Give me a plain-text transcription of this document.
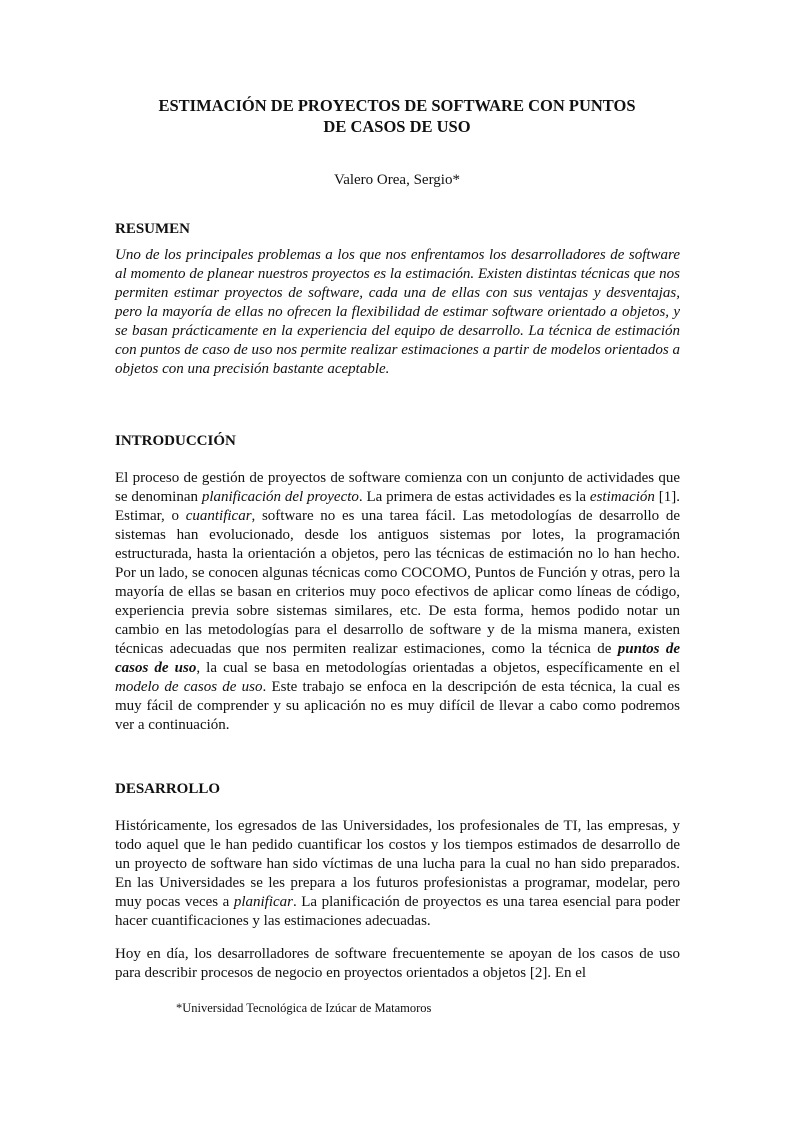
ESTIMACIÓN DE PROYECTOS DE SOFTWARE CON PUNTOS
DE CASOS DE USO
Valero Orea, Sergio*
RESUMEN

Uno de los principales problemas a los que nos enfrentamos los desarrolladores de software al momento de planear nuestros proyectos es la estimación. Existen distintas técnicas que nos permiten estimar proyectos de software, cada una de ellas con sus ventajas y desventajas, pero la mayoría de ellas no ofrecen la flexibilidad de estimar software orientado a objetos, y se basan prácticamente en la experiencia del equipo de desarrollo. La técnica de estimación con puntos de caso de uso nos permite realizar estimaciones a partir de modelos orientados a objetos con una precisión bastante aceptable.

INTRODUCCIÓN

El proceso de gestión de proyectos de software comienza con un conjunto de actividades que se denominan planificación del proyecto. La primera de estas actividades es la estimación [1]. Estimar, o cuantificar, software no es una tarea fácil. Las metodologías de desarrollo de sistemas han evolucionado, desde los antiguos sistemas por lotes, la programación estructurada, hasta la orientación a objetos, pero las técnicas de estimación no lo han hecho. Por un lado, se conocen algunas técnicas como COCOMO, Puntos de Función y otras, pero la mayoría de ellas se basan en criterios muy poco efectivos de aplicar como líneas de código, experiencia previa sobre sistemas similares, etc. De esta forma, hemos podido notar un cambio en las metodologías para el desarrollo de software y de la misma manera, existen técnicas adecuadas que nos permiten realizar estimaciones, como la técnica de puntos de casos de uso, la cual se basa en metodologías orientadas a objetos, específicamente en el modelo de casos de uso. Este trabajo se enfoca en la descripción de esta técnica, la cual es muy fácil de comprender y su aplicación no es muy difícil de llevar a cabo como podremos ver a continuación.

DESARROLLO

Históricamente, los egresados de las Universidades, los profesionales de TI, las empresas, y todo aquel que le han pedido cuantificar los costos y los tiempos estimados de desarrollo de un proyecto de software han sido víctimas de una lucha para la cual no han sido preparados. En las Universidades se les prepara a los futuros profesionistas a programar, modelar, pero muy pocas veces a planificar. La planificación de proyectos es una tarea esencial para poder hacer cuantificaciones y las estimaciones adecuadas.

Hoy en día, los desarrolladores de software frecuentemente se apoyan de los casos de uso para describir procesos de negocio en proyectos orientados a objetos [2]. En el

*Universidad Tecnológica de Izúcar de Matamoros
